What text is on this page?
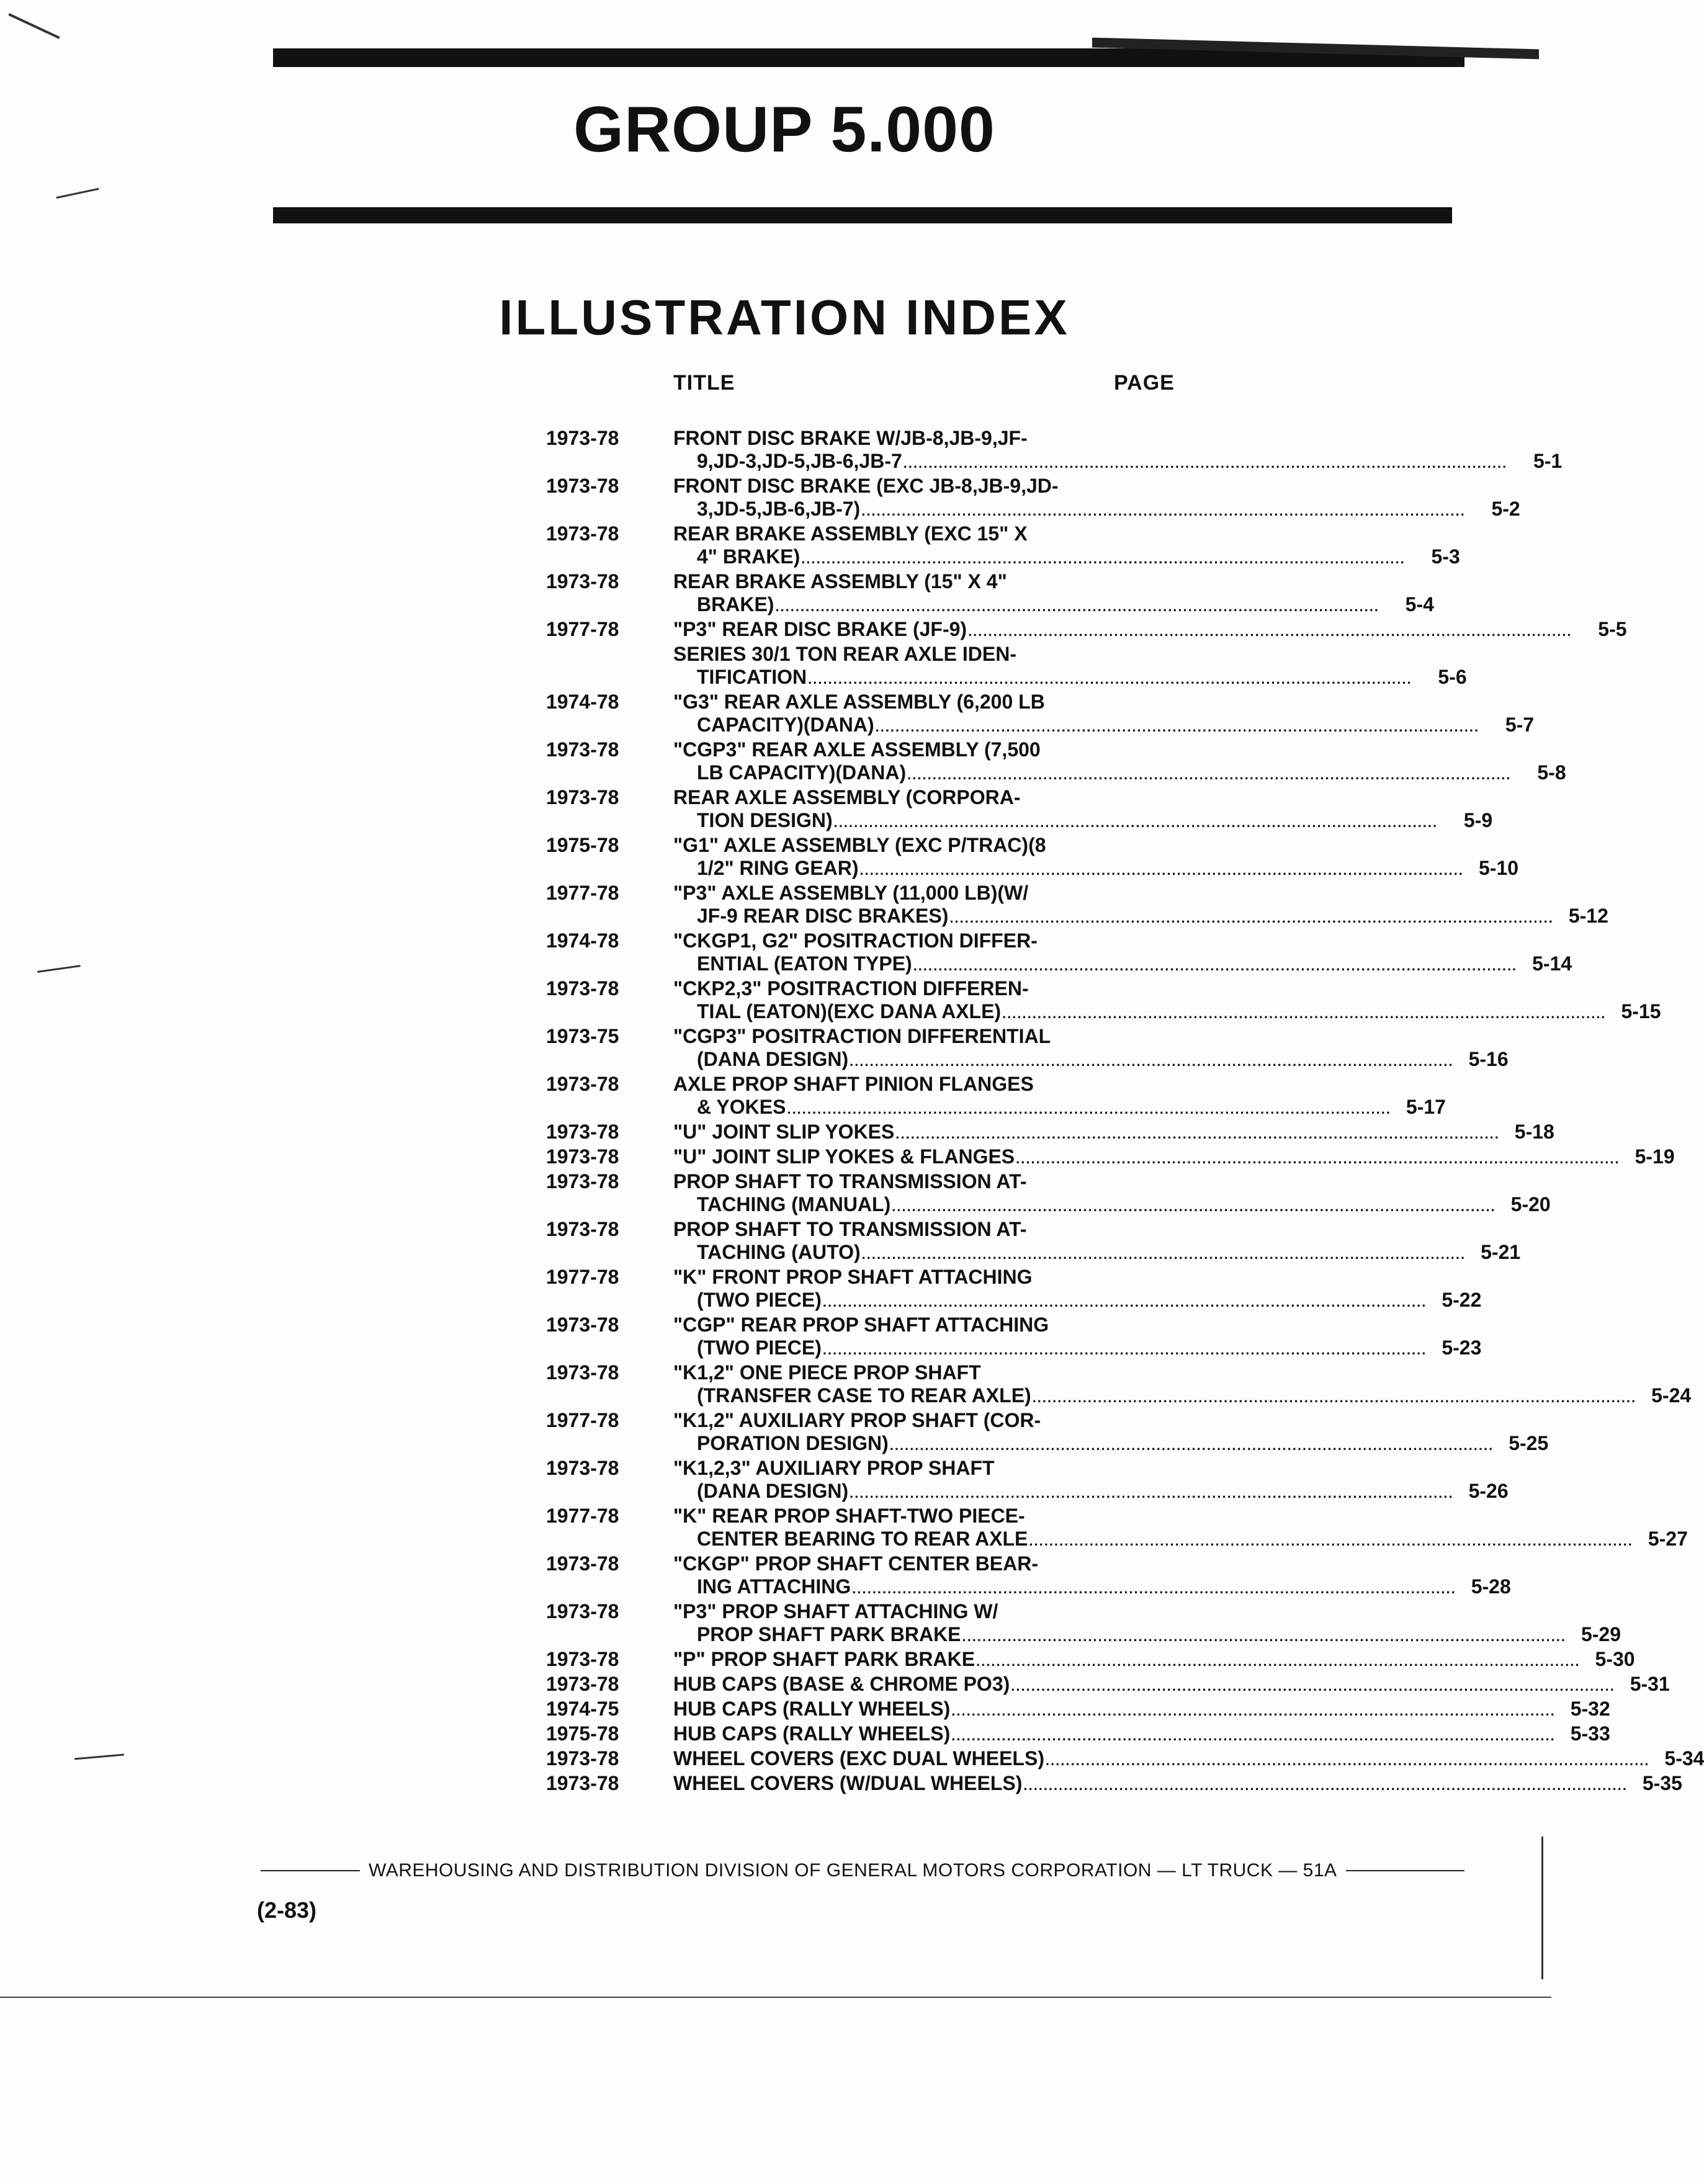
GROUP 5.000
ILLUSTRATION INDEX
TITLE	PAGE
1973-78	FRONT DISC BRAKE W/JB-8,JB-9,JF-
9,JD-3,JD-5,JB-6,JB-7 ........................................................................................................................	5-1
1973-78	FRONT DISC BRAKE (EXC JB-8,JB-9,JD-
3,JD-5,JB-6,JB-7) ........................................................................................................................	5-2
1973-78	REAR BRAKE ASSEMBLY (EXC 15" X
4" BRAKE) ........................................................................................................................	5-3
1973-78	REAR BRAKE ASSEMBLY (15" X 4"
BRAKE) ........................................................................................................................	5-4
1977-78	"P3" REAR DISC BRAKE (JF-9) ........................................................................................................................	5-5
SERIES 30/1 TON REAR AXLE IDEN-
TIFICATION ........................................................................................................................	5-6
1974-78	"G3" REAR AXLE ASSEMBLY (6,200 LB
CAPACITY)(DANA) ........................................................................................................................	5-7
1973-78	"CGP3" REAR AXLE ASSEMBLY (7,500
LB CAPACITY)(DANA) ........................................................................................................................	5-8
1973-78	REAR AXLE ASSEMBLY (CORPORA-
TION DESIGN) ........................................................................................................................	5-9
1975-78	"G1" AXLE ASSEMBLY (EXC P/TRAC)(8
1/2" RING GEAR) ........................................................................................................................ 5-10
1977-78	"P3" AXLE ASSEMBLY (11,000 LB)(W/
JF-9 REAR DISC BRAKES) ........................................................................................................................ 5-12
1974-78	"CKGP1, G2" POSITRACTION DIFFER-
ENTIAL (EATON TYPE) ........................................................................................................................ 5-14
1973-78	"CKP2,3" POSITRACTION DIFFEREN-
TIAL (EATON)(EXC DANA AXLE) ........................................................................................................................ 5-15
1973-75	"CGP3" POSITRACTION DIFFERENTIAL
(DANA DESIGN) ........................................................................................................................ 5-16
1973-78	AXLE PROP SHAFT PINION FLANGES
& YOKES ........................................................................................................................ 5-17
1973-78	"U" JOINT SLIP YOKES ........................................................................................................................ 5-18
1973-78	"U" JOINT SLIP YOKES & FLANGES ........................................................................................................................ 5-19
1973-78	PROP SHAFT TO TRANSMISSION AT-
TACHING (MANUAL) ........................................................................................................................ 5-20
1973-78	PROP SHAFT TO TRANSMISSION AT-
TACHING (AUTO) ........................................................................................................................ 5-21
1977-78	"K" FRONT PROP SHAFT ATTACHING
(TWO PIECE) ........................................................................................................................ 5-22
1973-78	"CGP" REAR PROP SHAFT ATTACHING
(TWO PIECE) ........................................................................................................................ 5-23
1973-78	"K1,2" ONE PIECE PROP SHAFT
(TRANSFER CASE TO REAR AXLE) ........................................................................................................................ 5-24
1977-78	"K1,2" AUXILIARY PROP SHAFT (COR-
PORATION DESIGN) ........................................................................................................................ 5-25
1973-78	"K1,2,3" AUXILIARY PROP SHAFT
(DANA DESIGN) ........................................................................................................................ 5-26
1977-78	"K" REAR PROP SHAFT-TWO PIECE-
CENTER BEARING TO REAR AXLE ........................................................................................................................ 5-27
1973-78	"CKGP" PROP SHAFT CENTER BEAR-
ING ATTACHING ........................................................................................................................ 5-28
1973-78	"P3" PROP SHAFT ATTACHING W/
PROP SHAFT PARK BRAKE ........................................................................................................................ 5-29
1973-78	"P" PROP SHAFT PARK BRAKE ........................................................................................................................ 5-30
1973-78	HUB CAPS (BASE & CHROME PO3) ........................................................................................................................ 5-31
1974-75	HUB CAPS (RALLY WHEELS) ........................................................................................................................ 5-32
1975-78	HUB CAPS (RALLY WHEELS) ........................................................................................................................ 5-33
1973-78	WHEEL COVERS (EXC DUAL WHEELS) ........................................................................................................................ 5-34
1973-78	WHEEL COVERS (W/DUAL WHEELS) ........................................................................................................................ 5-35
WAREHOUSING AND DISTRIBUTION DIVISION OF GENERAL MOTORS CORPORATION — LT TRUCK — 51A
(2-83)
